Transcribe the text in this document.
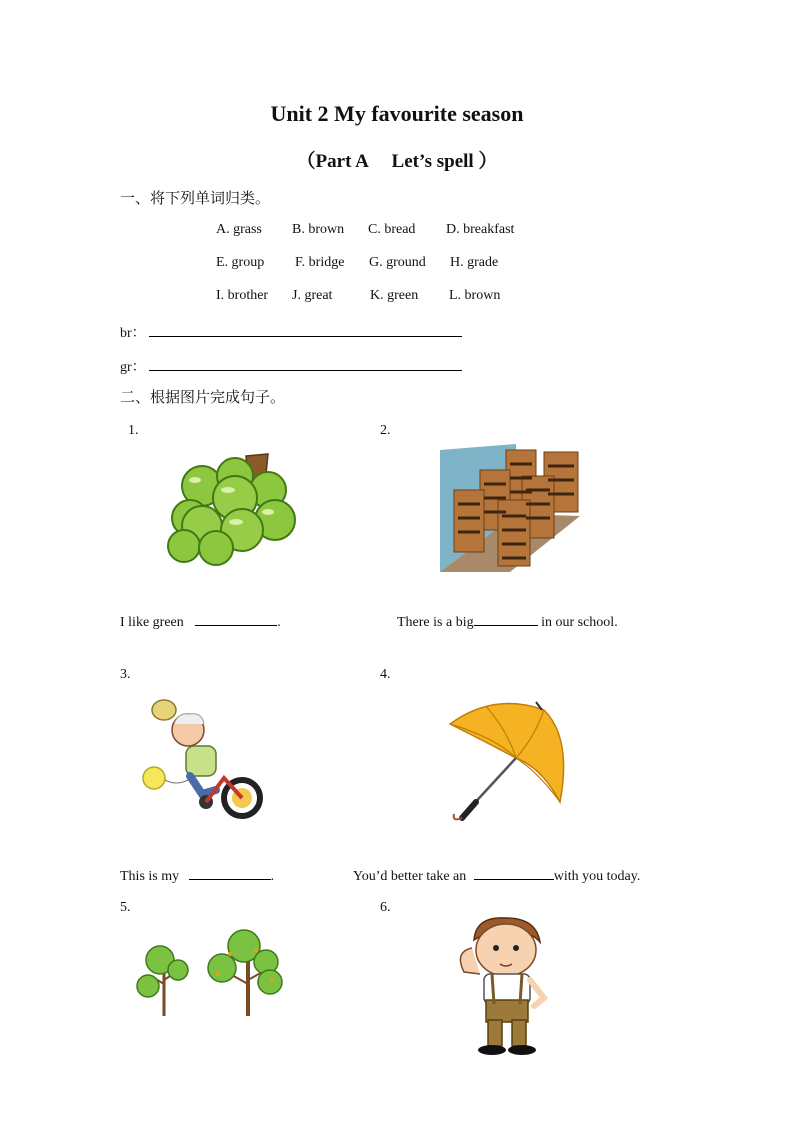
Unit 2 My favourite season
（Part A　 Let’s spell ）
一、将下列单词归类。
A. grass B. brown C. bread D. breakfast
E. group F. bridge G. ground H. grade
I. brother J. great	K. green L. brown
br：
gr：
二、根据图片完成句子。
1.	2.
I like green	.	There is a big	in our school.
3.	4.
This is my	.	You’d better take an	with you today.
5.	6.
